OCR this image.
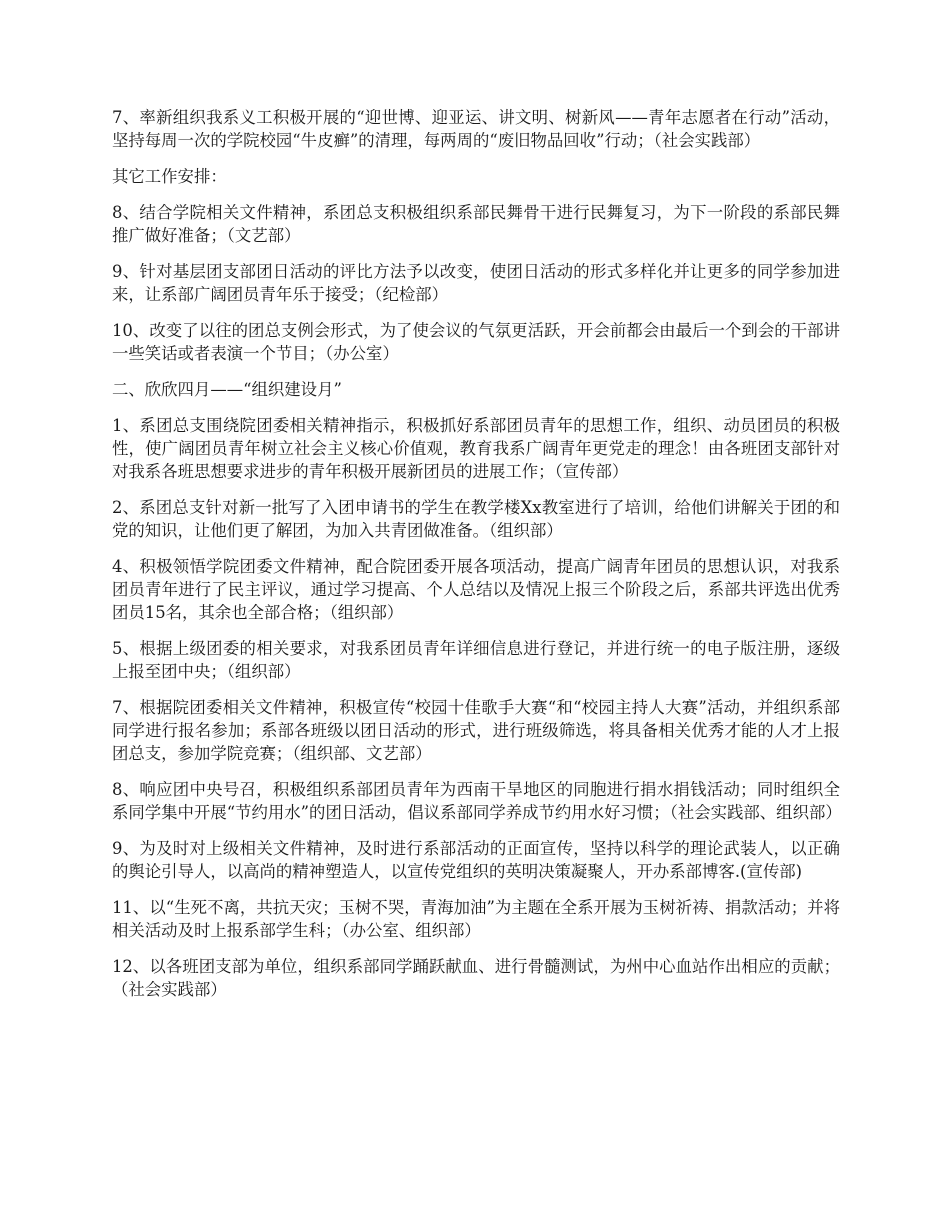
7、率新组织我系义工积极开展的“迎世博、迎亚运、讲文明、树新风——青年志愿者在行动”活动，坚持每周一次的学院校园“牛皮癣”的清理，每两周的“废旧物品回收”行动；（社会实践部）

其它工作安排：

8、结合学院相关文件精神，系团总支积极组织系部民舞骨干进行民舞复习，为下一阶段的系部民舞推广做好准备；（文艺部）

9、针对基层团支部团日活动的评比方法予以改变，使团日活动的形式多样化并让更多的同学参加进来，让系部广阔团员青年乐于接受；（纪检部）

10、改变了以往的团总支例会形式，为了使会议的气氛更活跃，开会前都会由最后一个到会的干部讲一些笑话或者表演一个节目；（办公室）

二、欣欣四月——“组织建设月”

1、系团总支围绕院团委相关精神指示，积极抓好系部团员青年的思想工作，组织、动员团员的积极性，使广阔团员青年树立社会主义核心价值观，教育我系广阔青年更党走的理念！由各班团支部针对对我系各班思想要求进步的青年积极开展新团员的进展工作；（宣传部）

2、系团总支针对新一批写了入团申请书的学生在教学楼Xx教室进行了培训，给他们讲解关于团的和党的知识，让他们更了解团，为加入共青团做准备。（组织部）

4、积极领悟学院团委文件精神，配合院团委开展各项活动，提高广阔青年团员的思想认识，对我系团员青年进行了民主评议，通过学习提高、个人总结以及情况上报三个阶段之后，系部共评选出优秀团员15名，其余也全部合格；（组织部）

5、根据上级团委的相关要求，对我系团员青年详细信息进行登记，并进行统一的电子版注册，逐级上报至团中央；（组织部）

7、根据院团委相关文件精神，积极宣传“校园十佳歌手大赛“和“校园主持人大赛”活动，并组织系部同学进行报名参加；系部各班级以团日活动的形式，进行班级筛选，将具备相关优秀才能的人才上报团总支，参加学院竞赛；（组织部、文艺部）

8、响应团中央号召，积极组织系部团员青年为西南干旱地区的同胞进行捐水捐钱活动；同时组织全系同学集中开展“节约用水”的团日活动，倡议系部同学养成节约用水好习惯；（社会实践部、组织部）

9、为及时对上级相关文件精神，及时进行系部活动的正面宣传，坚持以科学的理论武装人，以正确的舆论引导人，以高尚的精神塑造人，以宣传党组织的英明决策凝聚人，开办系部博客.(宣传部)

11、以“生死不离，共抗天灾；玉树不哭，青海加油”为主题在全系开展为玉树祈祷、捐款活动；并将相关活动及时上报系部学生科；（办公室、组织部）

12、以各班团支部为单位，组织系部同学踊跃献血、进行骨髓测试，为州中心血站作出相应的贡献；（社会实践部）
